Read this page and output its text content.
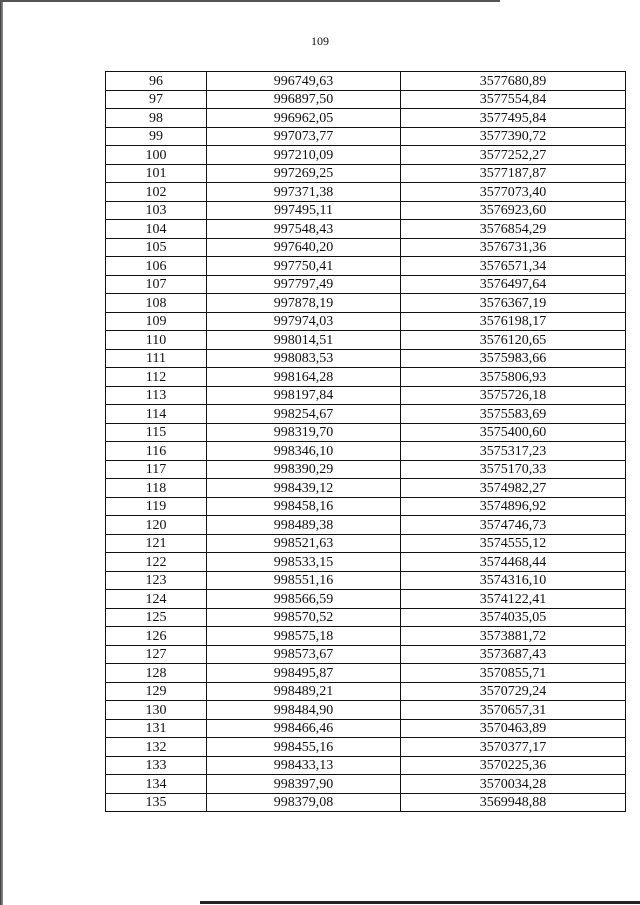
109
96	996749,63	3577680,89
97	996897,50	3577554,84
98	996962,05	3577495,84
99	997073,77	3577390,72
100	997210,09	3577252,27
101	997269,25	3577187,87
102	997371,38	3577073,40
103	997495,11	3576923,60
104	997548,43	3576854,29
105	997640,20	3576731,36
106	997750,41	3576571,34
107	997797,49	3576497,64
108	997878,19	3576367,19
109	997974,03	3576198,17
110	998014,51	3576120,65
111	998083,53	3575983,66
112	998164,28	3575806,93
113	998197,84	3575726,18
114	998254,67	3575583,69
115	998319,70	3575400,60
116	998346,10	3575317,23
117	998390,29	3575170,33
118	998439,12	3574982,27
119	998458,16	3574896,92
120	998489,38	3574746,73
121	998521,63	3574555,12
122	998533,15	3574468,44
123	998551,16	3574316,10
124	998566,59	3574122,41
125	998570,52	3574035,05
126	998575,18	3573881,72
127	998573,67	3573687,43
128	998495,87	3570855,71
129	998489,21	3570729,24
130	998484,90	3570657,31
131	998466,46	3570463,89
132	998455,16	3570377,17
133	998433,13	3570225,36
134	998397,90	3570034,28
135	998379,08	3569948,88
